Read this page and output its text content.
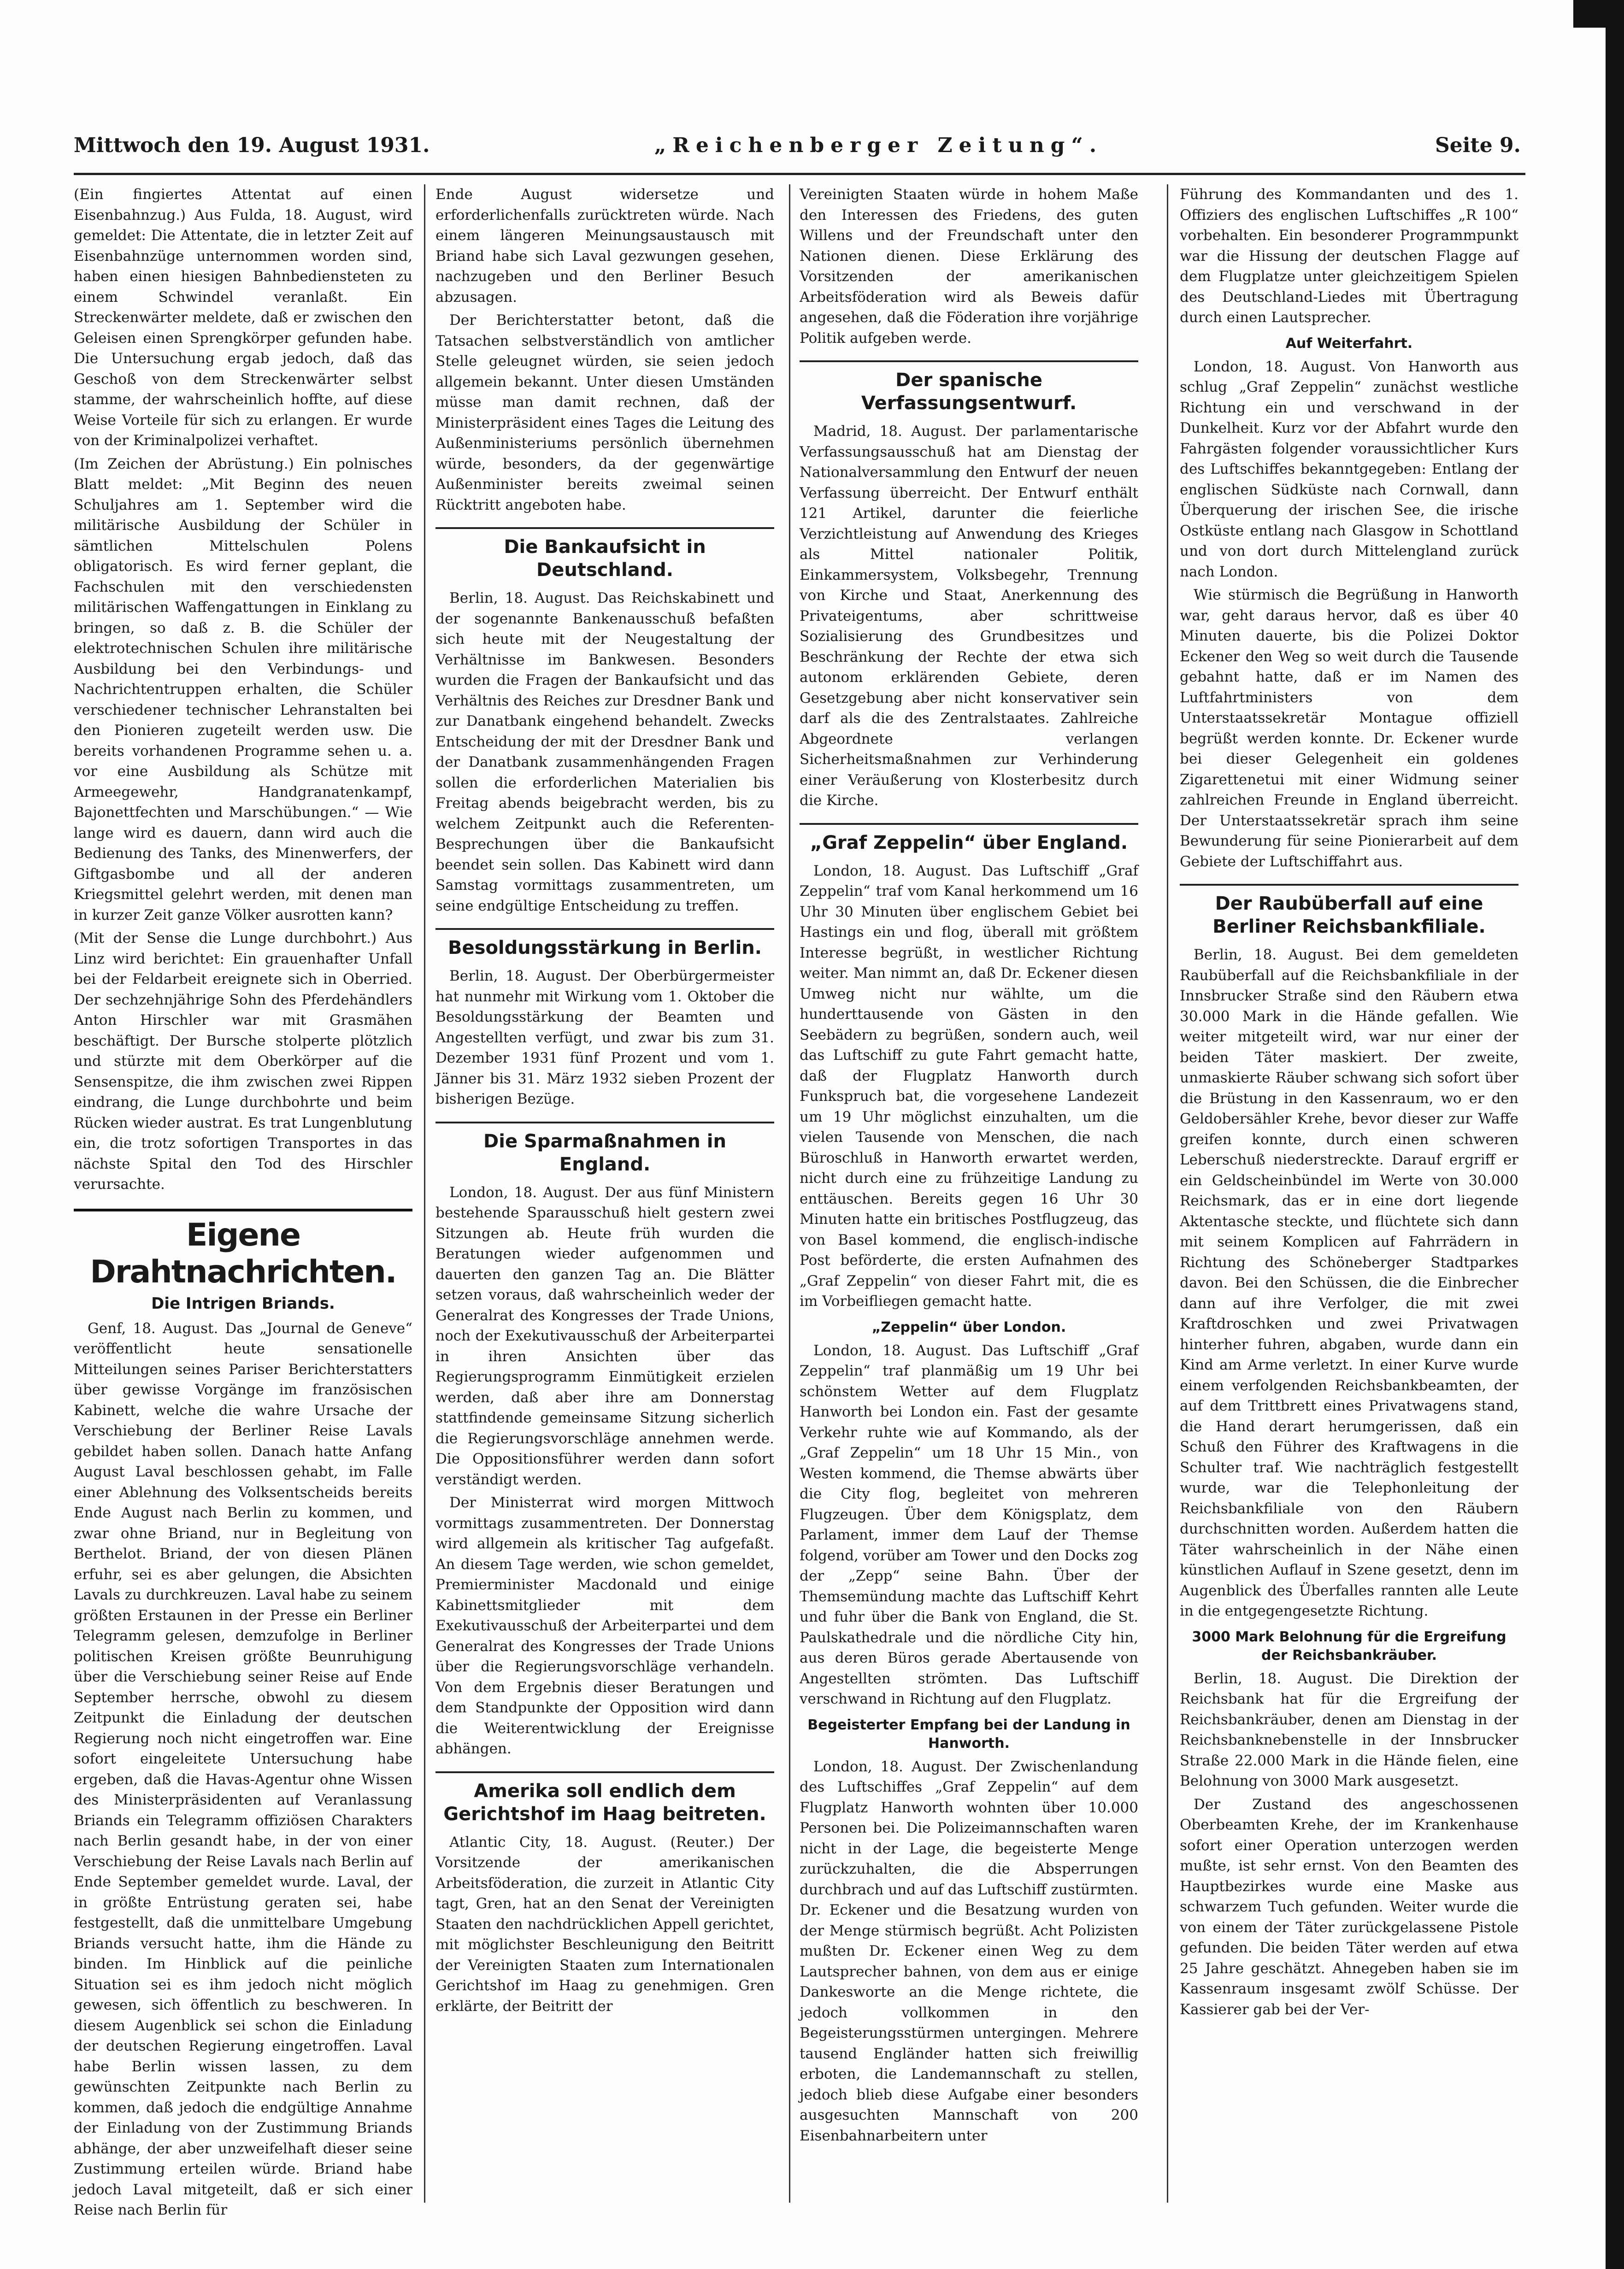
Mittwoch den 19. August 1931.	„Reichenberger Zeitung“.	Seite 9.

(Ein fingiertes Attentat auf einen Eisenbahnzug.) Aus Fulda, 18. August, wird gemeldet: Die Attentate, die in letzter Zeit auf Eisenbahnzüge unternommen worden sind, haben einen hiesigen Bahnbediensteten zu einem Schwindel veranlaßt. Ein Streckenwärter meldete, daß er zwischen den Geleisen einen Sprengkörper gefunden habe. Die Untersuchung ergab jedoch, daß das Geschoß von dem Streckenwärter selbst stamme, der wahrscheinlich hoffte, auf diese Weise Vorteile für sich zu erlangen. Er wurde von der Kriminalpolizei verhaftet.

(Im Zeichen der Abrüstung.) Ein polnisches Blatt meldet: „Mit Beginn des neuen Schuljahres am 1. September wird die militärische Ausbildung der Schüler in sämtlichen Mittelschulen Polens obligatorisch. Es wird ferner geplant, die Fachschulen mit den verschiedensten militärischen Waffengattungen in Einklang zu bringen, so daß z. B. die Schüler der elektrotechnischen Schulen ihre militärische Ausbildung bei den Verbindungs- und Nachrichtentruppen erhalten, die Schüler verschiedener technischer Lehranstalten bei den Pionieren zugeteilt werden usw. Die bereits vorhandenen Programme sehen u. a. vor eine Ausbildung als Schütze mit Armeegewehr, Handgranatenkampf, Bajonettfechten und Marschübungen.“ — Wie lange wird es dauern, dann wird auch die Bedienung des Tanks, des Minenwerfers, der Giftgasbombe und all der anderen Kriegsmittel gelehrt werden, mit denen man in kurzer Zeit ganze Völker ausrotten kann?

(Mit der Sense die Lunge durchbohrt.) Aus Linz wird berichtet: Ein grauenhafter Unfall bei der Feldarbeit ereignete sich in Oberried. Der sechzehnjährige Sohn des Pferdehändlers Anton Hirschler war mit Grasmähen beschäftigt. Der Bursche stolperte plötzlich und stürzte mit dem Oberkörper auf die Sensenspitze, die ihm zwischen zwei Rippen eindrang, die Lunge durchbohrte und beim Rücken wieder austrat. Es trat Lungenblutung ein, die trotz sofortigen Transportes in das nächste Spital den Tod des Hirschler verursachte.

Eigene Drahtnachrichten.
Die Intrigen Briands.

Genf, 18. August. Das „Journal de Geneve“ veröffentlicht heute sensationelle Mitteilungen seines Pariser Berichterstatters über gewisse Vorgänge im französischen Kabinett, welche die wahre Ursache der Verschiebung der Berliner Reise Lavals gebildet haben sollen. Danach hatte Anfang August Laval beschlossen gehabt, im Falle einer Ablehnung des Volksentscheids bereits Ende August nach Berlin zu kommen, und zwar ohne Briand, nur in Begleitung von Berthelot. Briand, der von diesen Plänen erfuhr, sei es aber gelungen, die Absichten Lavals zu durchkreuzen. Laval habe zu seinem größten Erstaunen in der Presse ein Berliner Telegramm gelesen, demzufolge in Berliner politischen Kreisen größte Beunruhigung über die Verschiebung seiner Reise auf Ende September herrsche, obwohl zu diesem Zeitpunkt die Einladung der deutschen Regierung noch nicht eingetroffen war. Eine sofort eingeleitete Untersuchung habe ergeben, daß die Havas-Agentur ohne Wissen des Ministerpräsidenten auf Veranlassung Briands ein Telegramm offiziösen Charakters nach Berlin gesandt habe, in der von einer Verschiebung der Reise Lavals nach Berlin auf Ende September gemeldet wurde. Laval, der in größte Entrüstung geraten sei, habe festgestellt, daß die unmittelbare Umgebung Briands versucht hatte, ihm die Hände zu binden. Im Hinblick auf die peinliche Situation sei es ihm jedoch nicht möglich gewesen, sich öffentlich zu beschweren. In diesem Augenblick sei schon die Einladung der deutschen Regierung eingetroffen. Laval habe Berlin wissen lassen, zu dem gewünschten Zeitpunkte nach Berlin zu kommen, daß jedoch die endgültige Annahme der Einladung von der Zustimmung Briands abhänge, der aber unzweifelhaft dieser seine Zustimmung erteilen würde. Briand habe jedoch Laval mitgeteilt, daß er sich einer Reise nach Berlin für

Ende August widersetze und erforderlichenfalls zurücktreten würde. Nach einem längeren Meinungsaustausch mit Briand habe sich Laval gezwungen gesehen, nachzugeben und den Berliner Besuch abzusagen.

Der Berichterstatter betont, daß die Tatsachen selbstverständlich von amtlicher Stelle geleugnet würden, sie seien jedoch allgemein bekannt. Unter diesen Umständen müsse man damit rechnen, daß der Ministerpräsident eines Tages die Leitung des Außenministeriums persönlich übernehmen würde, besonders, da der gegenwärtige Außenminister bereits zweimal seinen Rücktritt angeboten habe.

Die Bankaufsicht in Deutschland.

Berlin, 18. August. Das Reichskabinett und der sogenannte Bankenausschuß befaßten sich heute mit der Neugestaltung der Verhältnisse im Bankwesen. Besonders wurden die Fragen der Bankaufsicht und das Verhältnis des Reiches zur Dresdner Bank und zur Danatbank eingehend behandelt. Zwecks Entscheidung der mit der Dresdner Bank und der Danatbank zusammenhängenden Fragen sollen die erforderlichen Materialien bis Freitag abends beigebracht werden, bis zu welchem Zeitpunkt auch die Referenten-Besprechungen über die Bankaufsicht beendet sein sollen. Das Kabinett wird dann Samstag vormittags zusammentreten, um seine endgültige Entscheidung zu treffen.

Besoldungsstärkung in Berlin.

Berlin, 18. August. Der Oberbürgermeister hat nunmehr mit Wirkung vom 1. Oktober die Besoldungsstärkung der Beamten und Angestellten verfügt, und zwar bis zum 31. Dezember 1931 fünf Prozent und vom 1. Jänner bis 31. März 1932 sieben Prozent der bisherigen Bezüge.

Die Sparmaßnahmen in England.

London, 18. August. Der aus fünf Ministern bestehende Sparausschuß hielt gestern zwei Sitzungen ab. Heute früh wurden die Beratungen wieder aufgenommen und dauerten den ganzen Tag an. Die Blätter setzen voraus, daß wahrscheinlich weder der Generalrat des Kongresses der Trade Unions, noch der Exekutivausschuß der Arbeiterpartei in ihren Ansichten über das Regierungsprogramm Einmütigkeit erzielen werden, daß aber ihre am Donnerstag stattfindende gemeinsame Sitzung sicherlich die Regierungsvorschläge annehmen werde. Die Oppositionsführer werden dann sofort verständigt werden.

Der Ministerrat wird morgen Mittwoch vormittags zusammentreten. Der Donnerstag wird allgemein als kritischer Tag aufgefaßt. An diesem Tage werden, wie schon gemeldet, Premierminister Macdonald und einige Kabinettsmitglieder mit dem Exekutivausschuß der Arbeiterpartei und dem Generalrat des Kongresses der Trade Unions über die Regierungsvorschläge verhandeln. Von dem Ergebnis dieser Beratungen und dem Standpunkte der Opposition wird dann die Weiterentwicklung der Ereignisse abhängen.

Amerika soll endlich dem Gerichtshof im Haag beitreten.

Atlantic City, 18. August. (Reuter.) Der Vorsitzende der amerikanischen Arbeitsföderation, die zurzeit in Atlantic City tagt, Gren, hat an den Senat der Vereinigten Staaten den nachdrücklichen Appell gerichtet, mit möglichster Beschleunigung den Beitritt der Vereinigten Staaten zum Internationalen Gerichtshof im Haag zu genehmigen. Gren erklärte, der Beitritt der

Vereinigten Staaten würde in hohem Maße den Interessen des Friedens, des guten Willens und der Freundschaft unter den Nationen dienen. Diese Erklärung des Vorsitzenden der amerikanischen Arbeitsföderation wird als Beweis dafür angesehen, daß die Föderation ihre vorjährige Politik aufgeben werde.

Der spanische Verfassungsentwurf.

Madrid, 18. August. Der parlamentarische Verfassungsausschuß hat am Dienstag der Nationalversammlung den Entwurf der neuen Verfassung überreicht. Der Entwurf enthält 121 Artikel, darunter die feierliche Verzichtleistung auf Anwendung des Krieges als Mittel nationaler Politik, Einkammersystem, Volksbegehr, Trennung von Kirche und Staat, Anerkennung des Privateigentums, aber schrittweise Sozialisierung des Grundbesitzes und Beschränkung der Rechte der etwa sich autonom erklärenden Gebiete, deren Gesetzgebung aber nicht konservativer sein darf als die des Zentralstaates. Zahlreiche Abgeordnete verlangen Sicherheitsmaßnahmen zur Verhinderung einer Veräußerung von Klosterbesitz durch die Kirche.

„Graf Zeppelin“ über England.

London, 18. August. Das Luftschiff „Graf Zeppelin“ traf vom Kanal herkommend um 16 Uhr 30 Minuten über englischem Gebiet bei Hastings ein und flog, überall mit größtem Interesse begrüßt, in westlicher Richtung weiter. Man nimmt an, daß Dr. Eckener diesen Umweg nicht nur wählte, um die hunderttausende von Gästen in den Seebädern zu begrüßen, sondern auch, weil das Luftschiff zu gute Fahrt gemacht hatte, daß der Flugplatz Hanworth durch Funkspruch bat, die vorgesehene Landezeit um 19 Uhr möglichst einzuhalten, um die vielen Tausende von Menschen, die nach Büroschluß in Hanworth erwartet werden, nicht durch eine zu frühzeitige Landung zu enttäuschen. Bereits gegen 16 Uhr 30 Minuten hatte ein britisches Postflugzeug, das von Basel kommend, die englisch-indische Post beförderte, die ersten Aufnahmen des „Graf Zeppelin“ von dieser Fahrt mit, die es im Vorbeifliegen gemacht hatte.

„Zeppelin“ über London.

London, 18. August. Das Luftschiff „Graf Zeppelin“ traf planmäßig um 19 Uhr bei schönstem Wetter auf dem Flugplatz Hanworth bei London ein. Fast der gesamte Verkehr ruhte wie auf Kommando, als der „Graf Zeppelin“ um 18 Uhr 15 Min., von Westen kommend, die Themse abwärts über die City flog, begleitet von mehreren Flugzeugen. Über dem Königsplatz, dem Parlament, immer dem Lauf der Themse folgend, vorüber am Tower und den Docks zog der „Zepp“ seine Bahn. Über der Themsemündung machte das Luftschiff Kehrt und fuhr über die Bank von England, die St. Paulskathedrale und die nördliche City hin, aus deren Büros gerade Abertausende von Angestellten strömten. Das Luftschiff verschwand in Richtung auf den Flugplatz.

Begeisterter Empfang bei der Landung in Hanworth.

London, 18. August. Der Zwischenlandung des Luftschiffes „Graf Zeppelin“ auf dem Flugplatz Hanworth wohnten über 10.000 Personen bei. Die Polizeimannschaften waren nicht in der Lage, die begeisterte Menge zurückzuhalten, die die Absperrungen durchbrach und auf das Luftschiff zustürmten. Dr. Eckener und die Besatzung wurden von der Menge stürmisch begrüßt. Acht Polizisten mußten Dr. Eckener einen Weg zu dem Lautsprecher bahnen, von dem aus er einige Dankesworte an die Menge richtete, die jedoch vollkommen in den Begeisterungsstürmen untergingen. Mehrere tausend Engländer hatten sich freiwillig erboten, die Landemannschaft zu stellen, jedoch blieb diese Aufgabe einer besonders ausgesuchten Mannschaft von 200 Eisenbahnarbeitern unter

Führung des Kommandanten und des 1. Offiziers des englischen Luftschiffes „R 100“ vorbehalten. Ein besonderer Programmpunkt war die Hissung der deutschen Flagge auf dem Flugplatze unter gleichzeitigem Spielen des Deutschland-Liedes mit Übertragung durch einen Lautsprecher.

Auf Weiterfahrt.

London, 18. August. Von Hanworth aus schlug „Graf Zeppelin“ zunächst westliche Richtung ein und verschwand in der Dunkelheit. Kurz vor der Abfahrt wurde den Fahrgästen folgender voraussichtlicher Kurs des Luftschiffes bekanntgegeben: Entlang der englischen Südküste nach Cornwall, dann Überquerung der irischen See, die irische Ostküste entlang nach Glasgow in Schottland und von dort durch Mittelengland zurück nach London.

Wie stürmisch die Begrüßung in Hanworth war, geht daraus hervor, daß es über 40 Minuten dauerte, bis die Polizei Doktor Eckener den Weg so weit durch die Tausende gebahnt hatte, daß er im Namen des Luftfahrtministers von dem Unterstaatssekretär Montague offiziell begrüßt werden konnte. Dr. Eckener wurde bei dieser Gelegenheit ein goldenes Zigarettenetui mit einer Widmung seiner zahlreichen Freunde in England überreicht. Der Unterstaatssekretär sprach ihm seine Bewunderung für seine Pionierarbeit auf dem Gebiete der Luftschiffahrt aus.

Der Raubüberfall auf eine Berliner Reichsbankfiliale.

Berlin, 18. August. Bei dem gemeldeten Raubüberfall auf die Reichsbankfiliale in der Innsbrucker Straße sind den Räubern etwa 30.000 Mark in die Hände gefallen. Wie weiter mitgeteilt wird, war nur einer der beiden Täter maskiert. Der zweite, unmaskierte Räuber schwang sich sofort über die Brüstung in den Kassenraum, wo er den Geldobersähler Krehe, bevor dieser zur Waffe greifen konnte, durch einen schweren Leberschuß niederstreckte. Darauf ergriff er ein Geldscheinbündel im Werte von 30.000 Reichsmark, das er in eine dort liegende Aktentasche steckte, und flüchtete sich dann mit seinem Komplicen auf Fahrrädern in Richtung des Schöneberger Stadtparkes davon. Bei den Schüssen, die die Einbrecher dann auf ihre Verfolger, die mit zwei Kraftdroschken und zwei Privatwagen hinterher fuhren, abgaben, wurde dann ein Kind am Arme verletzt. In einer Kurve wurde einem verfolgenden Reichsbankbeamten, der auf dem Trittbrett eines Privatwagens stand, die Hand derart herumgerissen, daß ein Schuß den Führer des Kraftwagens in die Schulter traf. Wie nachträglich festgestellt wurde, war die Telephonleitung der Reichsbankfiliale von den Räubern durchschnitten worden. Außerdem hatten die Täter wahrscheinlich in der Nähe einen künstlichen Auflauf in Szene gesetzt, denn im Augenblick des Überfalles rannten alle Leute in die entgegengesetzte Richtung.

3000 Mark Belohnung für die Ergreifung der Reichsbankräuber.

Berlin, 18. August. Die Direktion der Reichsbank hat für die Ergreifung der Reichsbankräuber, denen am Dienstag in der Reichsbanknebenstelle in der Innsbrucker Straße 22.000 Mark in die Hände fielen, eine Belohnung von 3000 Mark ausgesetzt.

Der Zustand des angeschossenen Oberbeamten Krehe, der im Krankenhause sofort einer Operation unterzogen werden mußte, ist sehr ernst. Von den Beamten des Hauptbezirkes wurde eine Maske aus schwarzem Tuch gefunden. Weiter wurde die von einem der Täter zurückgelassene Pistole gefunden. Die beiden Täter werden auf etwa 25 Jahre geschätzt. Ahnegeben haben sie im Kassenraum insgesamt zwölf Schüsse. Der Kassierer gab bei der Ver-
